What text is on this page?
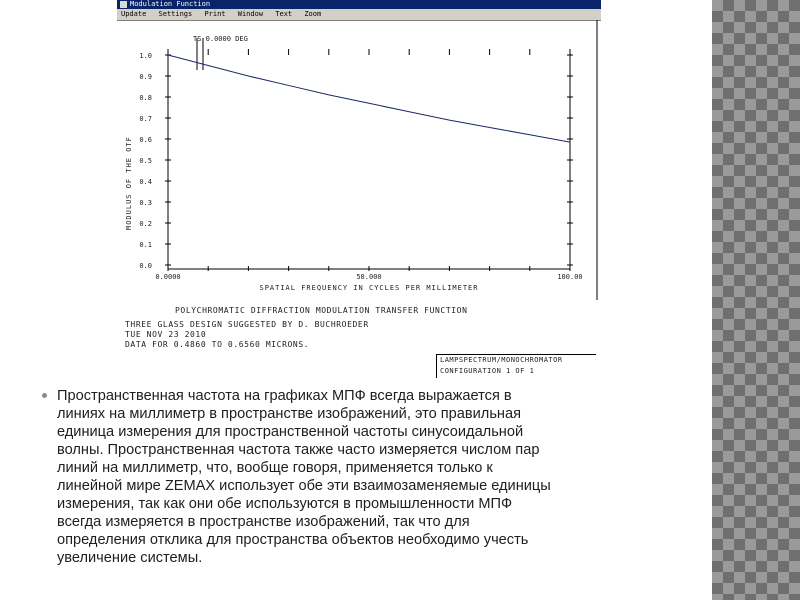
Modulation Function
Update Settings Print Window Text Zoom
TS 0.0000 DEG
MODULUS OF THE OTF
SPATIAL FREQUENCY IN CYCLES PER MILLIMETER
1.0
0.9
0.8
0.7
0.6
0.5
0.4
0.3
0.2
0.1
0.0
0.0000	50.000	100.00
POLYCHROMATIC DIFFRACTION MODULATION TRANSFER FUNCTION
THREE GLASS DESIGN SUGGESTED BY D. BUCHROEDER
TUE NOV 23 2010
DATA FOR 0.4860 TO 0.6560 MICRONS.
LAMPSPECTRUM/MONOCHROMATOR
CONFIGURATION 1 OF 1
Пространственная частота на графиках МПФ всегда выражается в
линиях на миллиметр в пространстве изображений, это правильная
единица измерения для пространственной частоты синусоидальной
волны. Пространственная частота также часто измеряется числом пар
линий на миллиметр, что, вообще говоря, применяется только к
линейной мире ZEMAX использует обе эти взаимозаменяемые единицы
измерения, так как они обе используются в промышленности МПФ
всегда измеряется в пространстве изображений, так что для
определения отклика для пространства объектов необходимо учесть
увеличение системы.
